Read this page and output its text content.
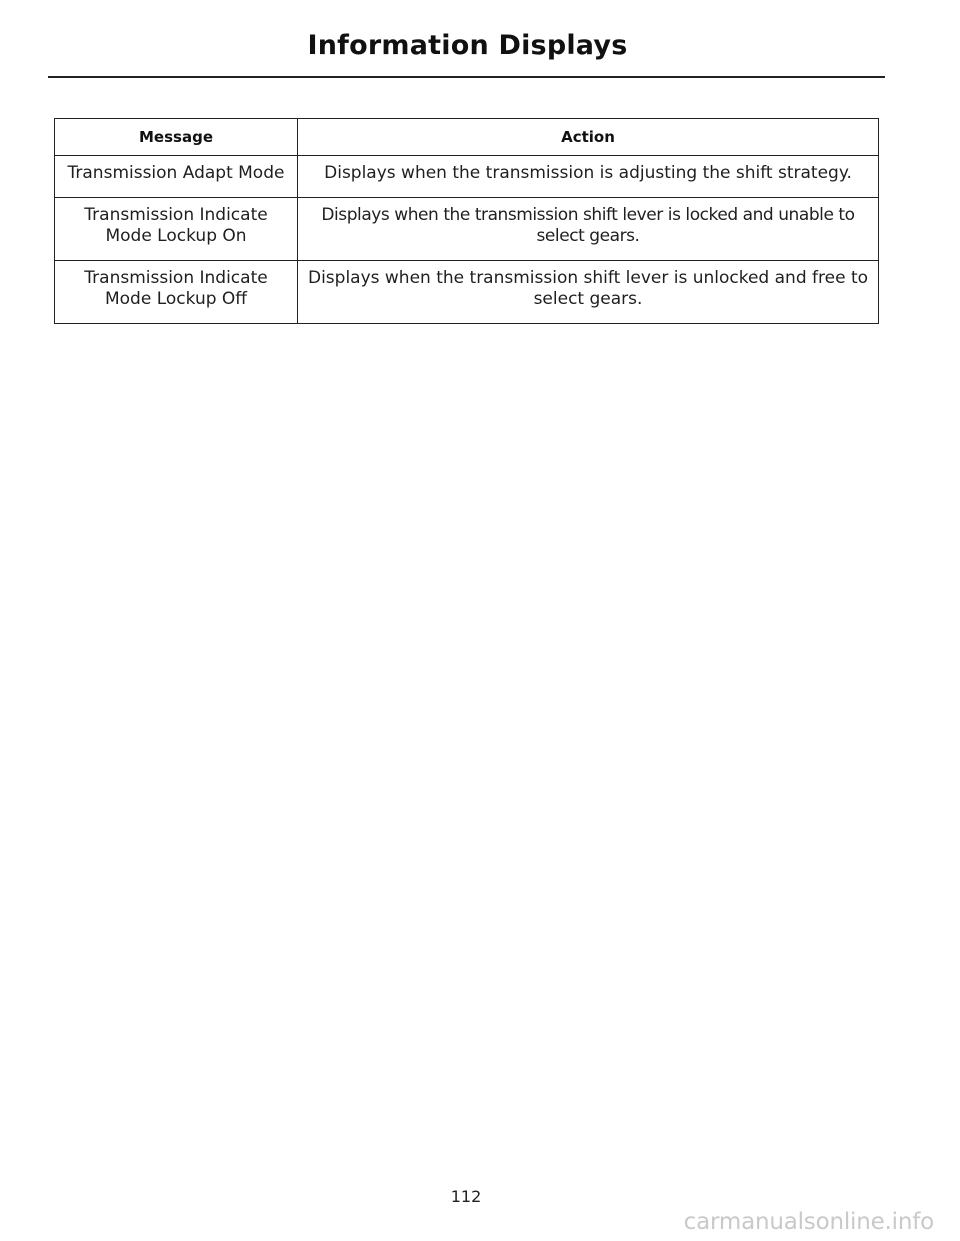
Information Displays
Message	Action
Transmission Adapt Mode	Displays when the transmission is adjusting the shift strategy.
Transmission Indicate Mode Lockup On	Displays when the transmission shift lever is locked and unable to select gears.
Transmission Indicate Mode Lockup Off	Displays when the transmission shift lever is unlocked and free to select gears.
112
carmanualsonline.info
